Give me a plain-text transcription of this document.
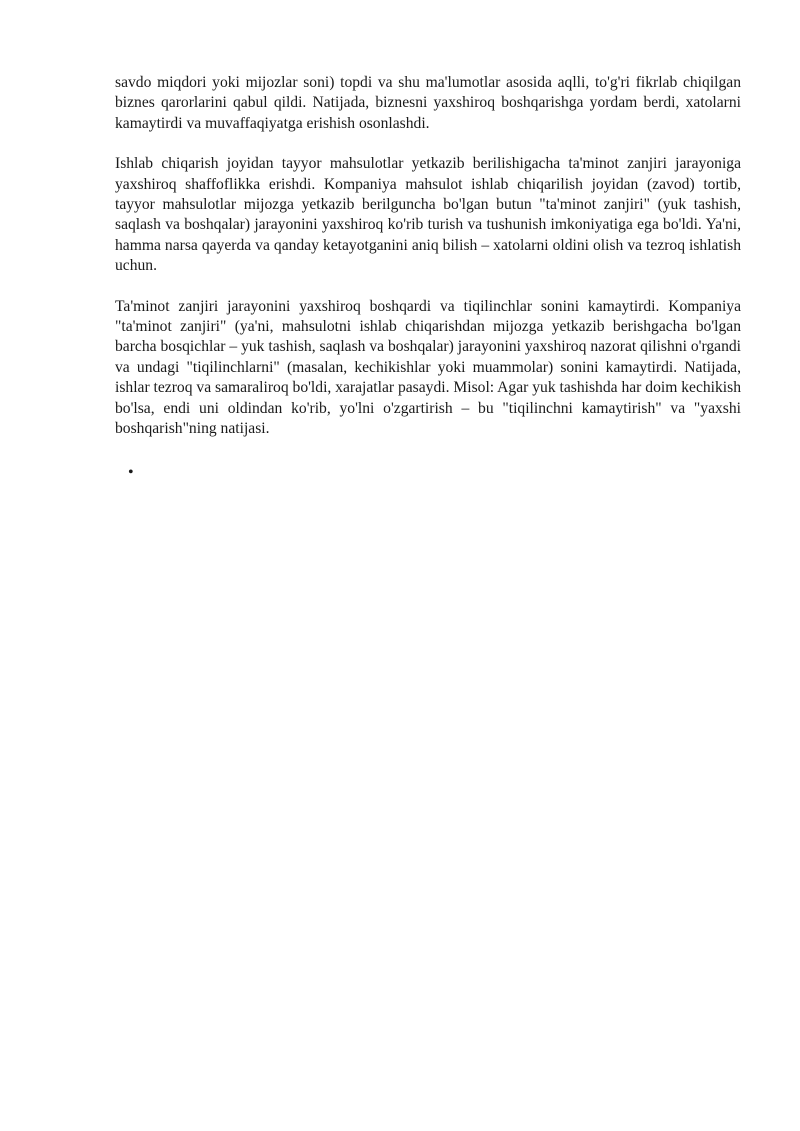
savdo miqdori yoki mijozlar soni) topdi va shu ma'lumotlar asosida aqlli, to'g'ri fikrlab chiqilgan biznes qarorlarini qabul qildi. Natijada, biznesni yaxshiroq boshqarishga yordam berdi, xatolarni kamaytirdi va muvaffaqiyatga erishish osonlashdi.

Ishlab chiqarish joyidan tayyor mahsulotlar yetkazib berilishigacha ta'minot zanjiri jarayoniga yaxshiroq shaffoflikka erishdi. Kompaniya mahsulot ishlab chiqarilish joyidan (zavod) tortib, tayyor mahsulotlar mijozga yetkazib berilguncha bo'lgan butun "ta'minot zanjiri" (yuk tashish, saqlash va boshqalar) jarayonini yaxshiroq ko'rib turish va tushunish imkoniyatiga ega bo'ldi. Ya'ni, hamma narsa qayerda va qanday ketayotganini aniq bilish – xatolarni oldini olish va tezroq ishlatish uchun.

Ta'minot zanjiri jarayonini yaxshiroq boshqardi va tiqilinchlar sonini kamaytirdi. Kompaniya "ta'minot zanjiri" (ya'ni, mahsulotni ishlab chiqarishdan mijozga yetkazib berishgacha bo'lgan barcha bosqichlar – yuk tashish, saqlash va boshqalar) jarayonini yaxshiroq nazorat qilishni o'rgandi va undagi "tiqilinchlarni" (masalan, kechikishlar yoki muammolar) sonini kamaytirdi. Natijada, ishlar tezroq va samaraliroq bo'ldi, xarajatlar pasaydi. Misol: Agar yuk tashishda har doim kechikish bo'lsa, endi uni oldindan ko'rib, yo'lni o'zgartirish – bu "tiqilinchni kamaytirish" va "yaxshi boshqarish"ning natijasi.

•
